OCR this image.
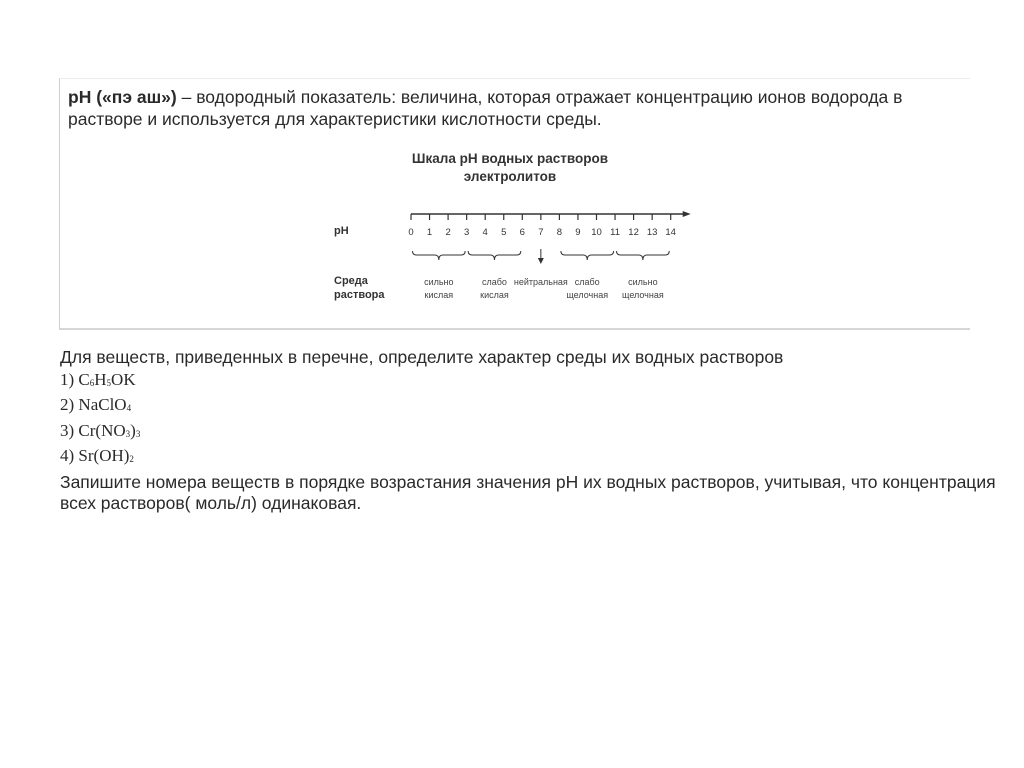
pH («пэ аш») – водородный показатель: величина, которая отражает концентрацию ионов водорода в растворе и используется для характеристики кислотности среды.

Шкала pH водных растворов
электролитов
pH
Среда
раствора
0 1 2 3 4 5 6 7 8 9 10 11 12 13 14
сильно
кислая
слабо
кислая
нейтральная слабо
щелочная
сильно
щелочная

Для веществ, приведенных в перечне, определите характер среды их водных растворов

1) $C_6H_5OK$

2) NaClO$_4$

3) $Cr(NO_3)_3$

4) $Sr(OH)_2$

Запишите номера веществ в порядке возрастания значения pH их водных растворов, учитывая, что концентрация всех растворов( моль/л) одинаковая.
